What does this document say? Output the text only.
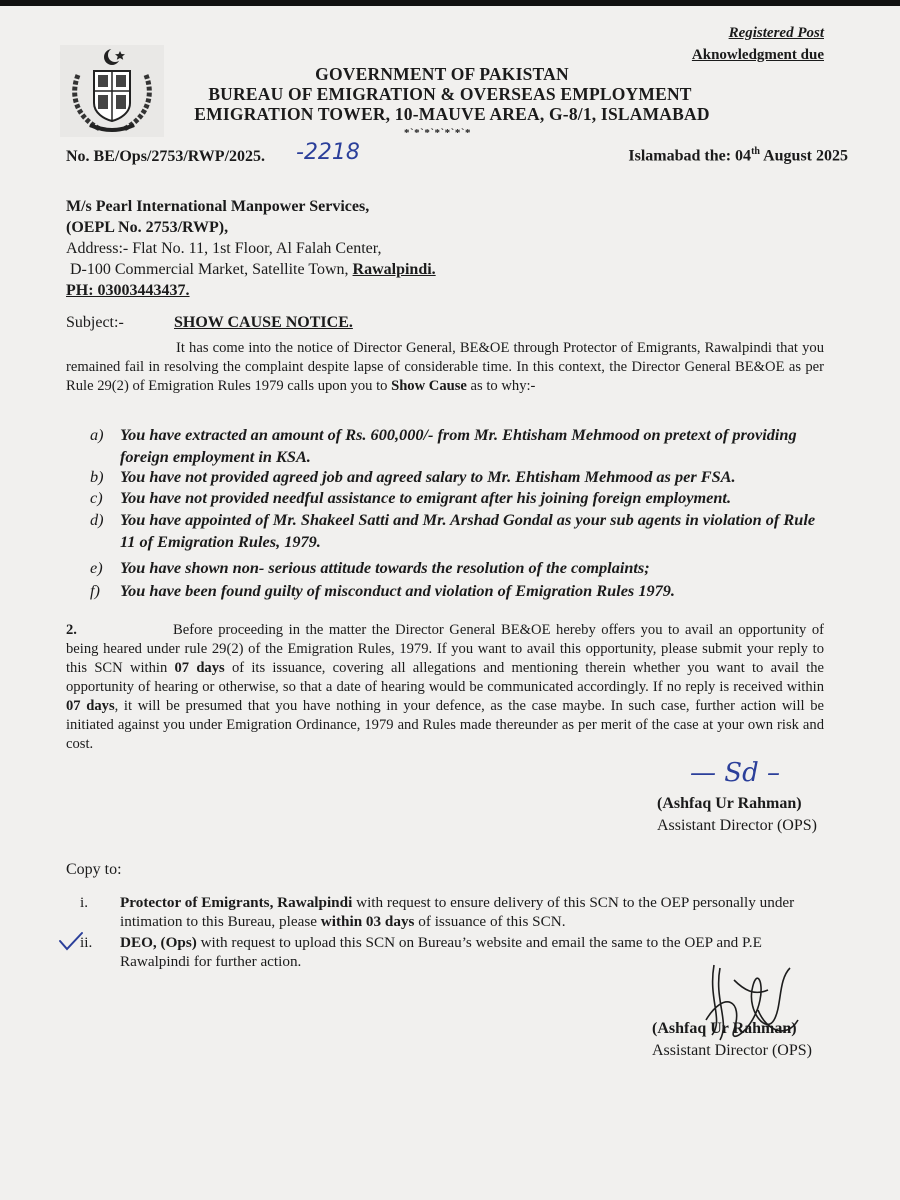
Registered Post
Aknowledgment due
GOVERNMENT OF PAKISTAN
BUREAU OF EMIGRATION & OVERSEAS EMPLOYMENT
EMIGRATION TOWER, 10-MAUVE AREA, G-8/1, ISLAMABAD
*`*`*`*`*`*`*
No. BE/Ops/2753/RWP/2025. -2218	Islamabad the: 04th August 2025
M/s Pearl International Manpower Services,
(OEPL No. 2753/RWP),
Address:- Flat No. 11, 1st Floor, Al Falah Center,
D-100 Commercial Market, Satellite Town, Rawalpindi.
PH: 03003443437.
Subject:-	SHOW CAUSE NOTICE.
It has come into the notice of Director General, BE&OE through Protector of Emigrants, Rawalpindi that you remained fail in resolving the complaint despite lapse of considerable time. In this context, the Director General BE&OE as per Rule 29(2) of Emigration Rules 1979 calls upon you to Show Cause as to why:-
a) You have extracted an amount of Rs. 600,000/- from Mr. Ehtisham Mehmood on pretext of providing foreign employment in KSA.
b) You have not provided agreed job and agreed salary to Mr. Ehtisham Mehmood as per FSA.
c) You have not provided needful assistance to emigrant after his joining foreign employment.
d) You have appointed of Mr. Shakeel Satti and Mr. Arshad Gondal as your sub agents in violation of Rule 11 of Emigration Rules, 1979.
e) You have shown non- serious attitude towards the resolution of the complaints;
f) You have been found guilty of misconduct and violation of Emigration Rules 1979.
2.	Before proceeding in the matter the Director General BE&OE hereby offers you to avail an opportunity of being heared under rule 29(2) of the Emigration Rules, 1979. If you want to avail this opportunity, please submit your reply to this SCN within 07 days of its issuance, covering all allegations and mentioning therein whether you want to avail the opportunity of hearing or otherwise, so that a date of hearing would be communicated accordingly. If no reply is received within 07 days, it will be presumed that you have nothing in your defence, as the case maybe. In such case, further action will be initiated against you under Emigration Ordinance, 1979 and Rules made thereunder as per merit of the case at your own risk and cost.
— Sd –
(Ashfaq Ur Rahman)
Assistant Director (OPS)
Copy to:
i. Protector of Emigrants, Rawalpindi with request to ensure delivery of this SCN to the OEP personally under intimation to this Bureau, please within 03 days of issuance of this SCN.
ii. DEO, (Ops) with request to upload this SCN on Bureau’s website and email the same to the OEP and P.E Rawalpindi for further action.
(Ashfaq Ur Rahman)
Assistant Director (OPS)
